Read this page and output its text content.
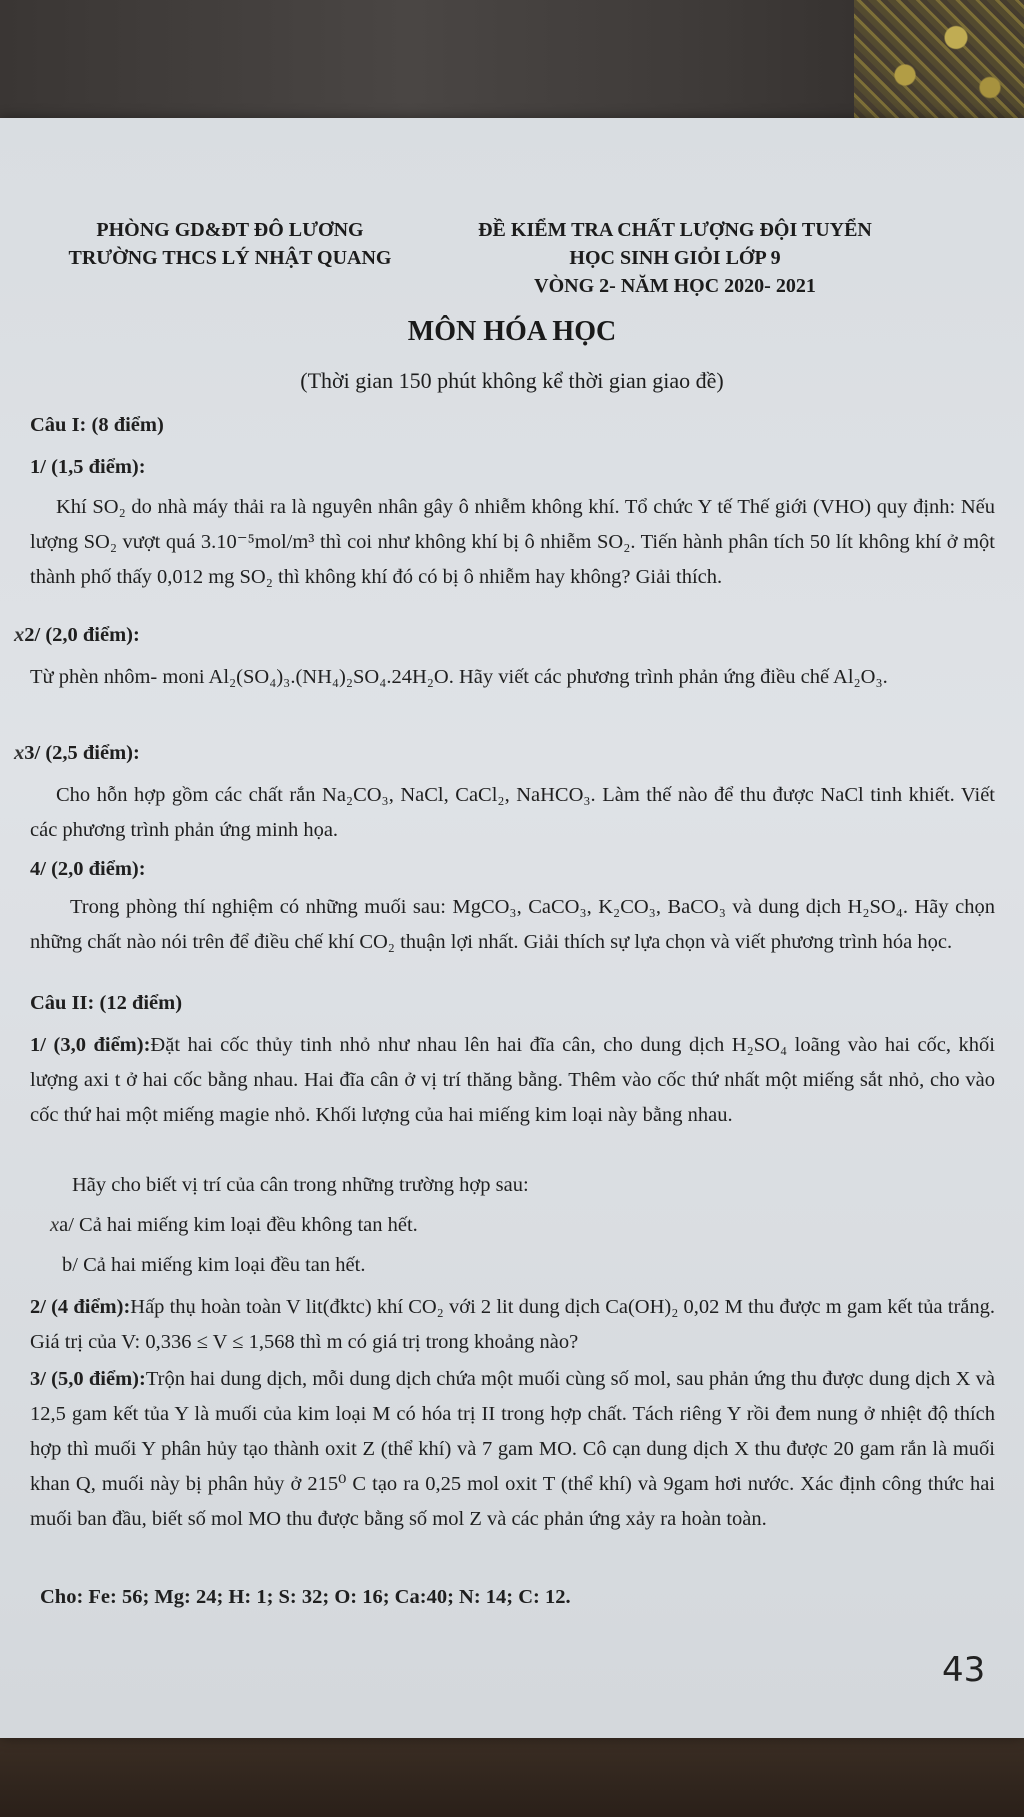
PHÒNG GD&ĐT ĐÔ LƯƠNG
TRƯỜNG THCS LÝ NHẬT QUANG
ĐỀ KIỂM TRA CHẤT LƯỢNG ĐỘI TUYỂN
HỌC SINH GIỎI LỚP 9
VÒNG 2- NĂM HỌC 2020- 2021
MÔN HÓA HỌC
(Thời gian 150 phút không kể thời gian giao đề)
Câu I: (8 điểm)
1/ (1,5 điểm):
Khí SO₂ do nhà máy thải ra là nguyên nhân gây ô nhiễm không khí. Tổ chức Y tế Thế giới (VHO) quy định: Nếu lượng SO₂ vượt quá 3.10⁻⁵mol/m³ thì coi như không khí bị ô nhiễm SO₂. Tiến hành phân tích 50 lít không khí ở một thành phố thấy 0,012 mg SO₂ thì không khí đó có bị ô nhiễm hay không? Giải thích.
x2/ (2,0 điểm):
Từ phèn nhôm- moni Al₂(SO₄)₃.(NH₄)₂SO₄.24H₂O. Hãy viết các phương trình phản ứng điều chế Al₂O₃.
x3/ (2,5 điểm):
Cho hỗn hợp gồm các chất rắn Na₂CO₃, NaCl, CaCl₂, NaHCO₃. Làm thế nào để thu được NaCl tinh khiết. Viết các phương trình phản ứng minh họa.
4/ (2,0 điểm):
Trong phòng thí nghiệm có những muối sau: MgCO₃, CaCO₃, K₂CO₃, BaCO₃ và dung dịch H₂SO₄. Hãy chọn những chất nào nói trên để điều chế khí CO₂ thuận lợi nhất. Giải thích sự lựa chọn và viết phương trình hóa học.
Câu II: (12 điểm)
1/ (3,0 điểm):Đặt hai cốc thủy tinh nhỏ như nhau lên hai đĩa cân, cho dung dịch H₂SO₄ loãng vào hai cốc, khối lượng axi t ở hai cốc bằng nhau. Hai đĩa cân ở vị trí thăng bằng. Thêm vào cốc thứ nhất một miếng sắt nhỏ, cho vào cốc thứ hai một miếng magie nhỏ. Khối lượng của hai miếng kim loại này bằng nhau.
Hãy cho biết vị trí của cân trong những trường hợp sau:
xa/ Cả hai miếng kim loại đều không tan hết.
b/ Cả hai miếng kim loại đều tan hết.
2/ (4 điểm):Hấp thụ hoàn toàn V lit(đktc) khí CO₂ với 2 lit dung dịch Ca(OH)₂ 0,02 M thu được m gam kết tủa trắng. Giá trị của V: 0,336 ≤ V ≤ 1,568 thì m có giá trị trong khoảng nào?
3/ (5,0 điểm):Trộn hai dung dịch, mỗi dung dịch chứa một muối cùng số mol, sau phản ứng thu được dung dịch X và 12,5 gam kết tủa Y là muối của kim loại M có hóa trị II trong hợp chất. Tách riêng Y rồi đem nung ở nhiệt độ thích hợp thì muối Y phân hủy tạo thành oxit Z (thể khí) và 7 gam MO. Cô cạn dung dịch X thu được 20 gam rắn là muối khan Q, muối này bị phân hủy ở 215⁰ C tạo ra 0,25 mol oxit T (thể khí) và 9gam hơi nước. Xác định công thức hai muối ban đầu, biết số mol MO thu được bằng số mol Z và các phản ứng xảy ra hoàn toàn.
Cho: Fe: 56; Mg: 24; H: 1; S: 32; O: 16; Ca:40; N: 14; C: 12.
43
